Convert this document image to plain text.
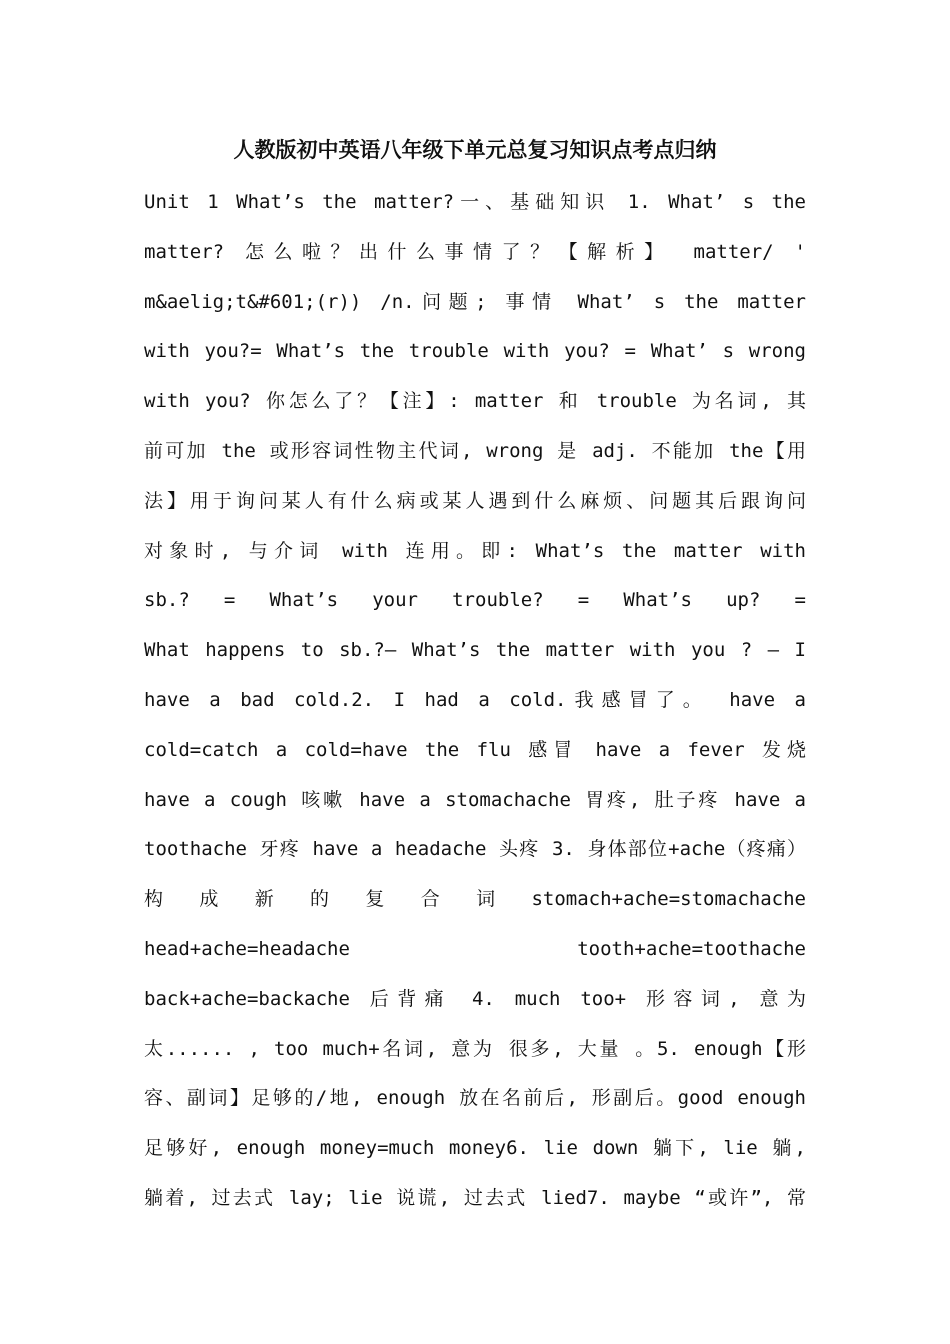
人教版初中英语八年级下单元总复习知识点考点归纳
Unit 1 What’s the matter?一、基础知识 1. What’ s the
matter? 怎么啦？出什么事情了？【解析】 matter/ '
m&aelig;t&#601;(r)) /n.问题; 事情 What’ s the matter
with you?= What’s the trouble with you? = What’ s wrong
with you? 你怎么了？【注】: matter 和 trouble 为名词, 其
前可加 the 或形容词性物主代词, wrong 是 adj. 不能加 the【用
法】用于询问某人有什么病或某人遇到什么麻烦、问题其后跟询问
对象时, 与介词 with 连用。即: What’s the matter with
sb.? = What’s your trouble? = What’s up? =
What happens to sb.?— What’s the matter with you ? — I
have a bad cold.2. I had a cold.我感冒了。 have a
cold=catch a cold=have the flu 感冒 have a fever 发烧
have a cough 咳嗽 have a stomachache 胃疼, 肚子疼 have a
toothache 牙疼 have a headache 头疼 3. 身体部位+ache（疼痛）
构 成 新 的 复 合 词 stomach+ache=stomachache
head+ache=headache tooth+ache=toothache
back+ache=backache 后背痛 4. much too+ 形容词, 意为
太...... , too much+名词, 意为 很多, 大量 。5. enough【形
容、副词】足够的/地, enough 放在名前后, 形副后。good enough
足够好, enough money=much money6. lie down 躺下, lie 躺,
躺着, 过去式 lay; lie 说谎, 过去式 lied7. maybe “或许”, 常
